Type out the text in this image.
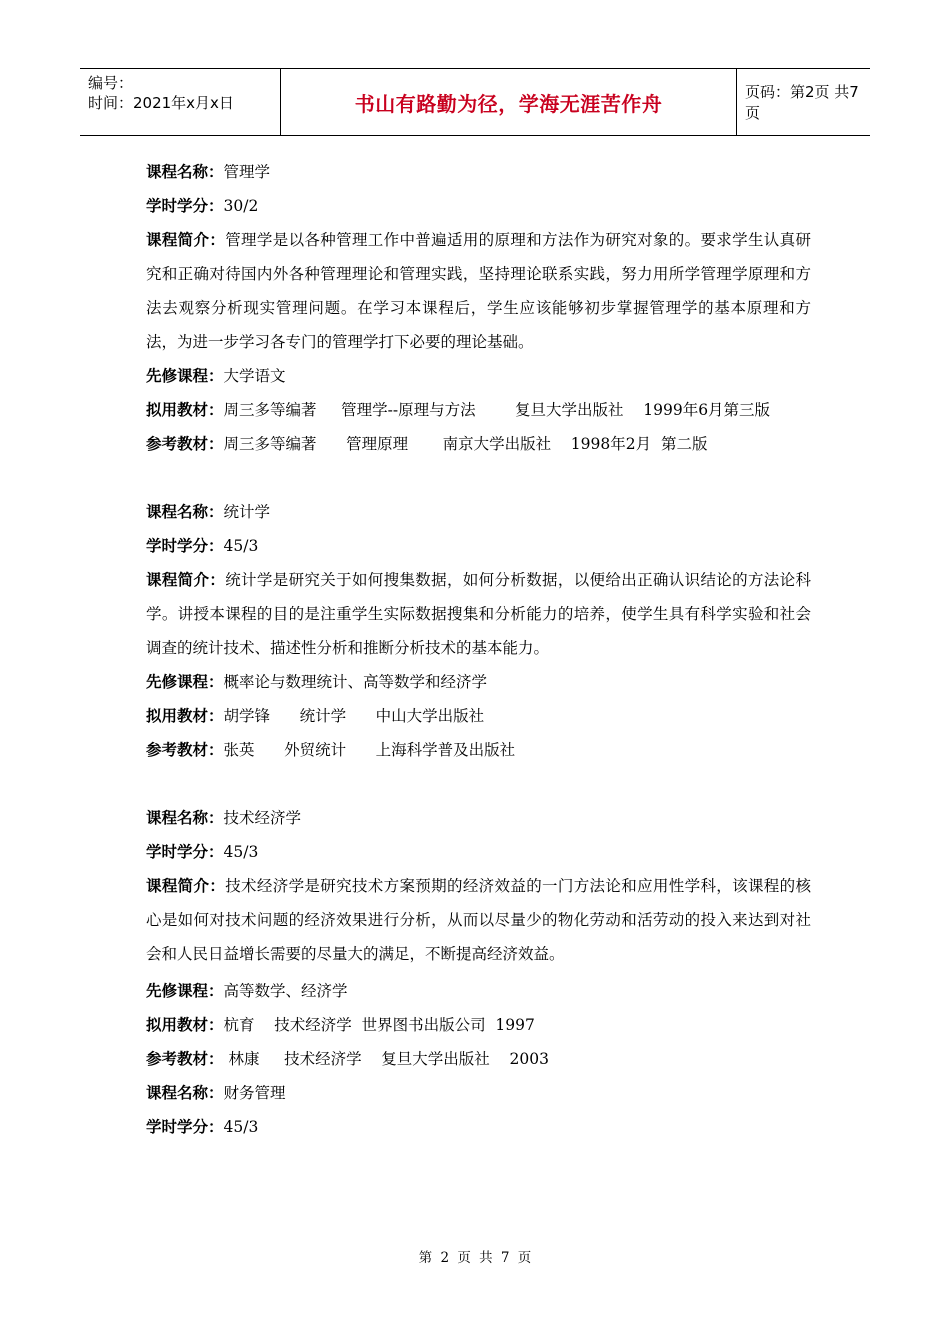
编号：
时间：2021年x月x日	书山有路勤为径，学海无涯苦作舟	页码：第2页 共7页
课程名称：管理学
学时学分：30/2
课程简介：管理学是以各种管理工作中普遍适用的原理和方法作为研究对象的。要求学生认真研究和正确对待国内外各种管理理论和管理实践，坚持理论联系实践，努力用所学管理学原理和方法去观察分析现实管理问题。在学习本课程后，学生应该能够初步掌握管理学的基本原理和方法，为进一步学习各专门的管理学打下必要的理论基础。
先修课程：大学语文
拟用教材：周三多等编著     管理学--原理与方法        复旦大学出版社    1999年6月第三版
参考教材：周三多等编著      管理原理       南京大学出版社    1998年2月  第二版
课程名称：统计学
学时学分：45/3
课程简介：统计学是研究关于如何搜集数据，如何分析数据，以便给出正确认识结论的方法论科学。讲授本课程的目的是注重学生实际数据搜集和分析能力的培养，使学生具有科学实验和社会调查的统计技术、描述性分析和推断分析技术的基本能力。
先修课程：概率论与数理统计、高等数学和经济学
拟用教材：胡学锋      统计学      中山大学出版社
参考教材：张英      外贸统计      上海科学普及出版社
课程名称：技术经济学
学时学分：45/3
课程简介：技术经济学是研究技术方案预期的经济效益的一门方法论和应用性学科，该课程的核心是如何对技术问题的经济效果进行分析，从而以尽量少的物化劳动和活劳动的投入来达到对社会和人民日益增长需要的尽量大的满足，不断提高经济效益。
先修课程：高等数学、经济学
拟用教材：杭育    技术经济学  世界图书出版公司  1997
参考教材： 林康     技术经济学    复旦大学出版社    2003
课程名称：财务管理
学时学分：45/3
第 2 页 共 7 页
